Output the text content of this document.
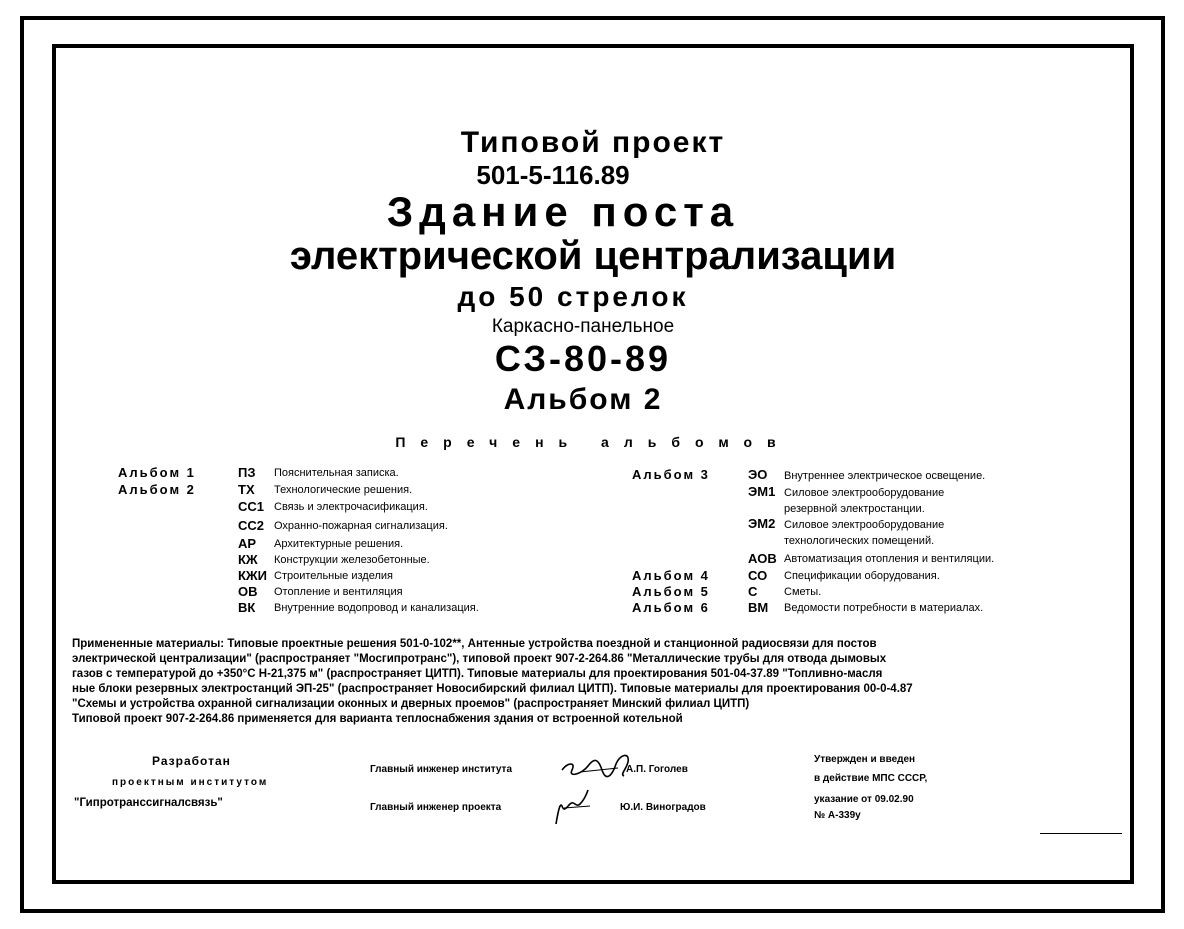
Типовой проект
501-5-116.89
Здание поста
электрической централизации
до 50 стрелок
Каркасно-панельное
СЗ-80-89
Альбом 2
Перечень альбомов
Альбом 1	ПЗ Пояснительная записка.
Альбом 2	ТХ Технологические решения.
СС1 Связь и электрочасификация.
СС2 Охранно-пожарная сигнализация.
АР Архитектурные решения.
КЖ Конструкции железобетонные.
КЖИ Строительные изделия
ОВ Отопление и вентиляция
ВК Внутренние водопровод и канализация.
Альбом 3	ЭО Внутреннее электрическое освещение.
ЭМ1 Силовое электрооборудование
резервной электростанции.
ЭМ2 Силовое электрооборудование
технологических помещений.
АОВ Автоматизация отопления и вентиляции.
Альбом 4	СО Спецификации оборудования.
Альбом 5	С Сметы.
Альбом 6	ВМ Ведомости потребности в материалах.
Примененные материалы: Типовые проектные решения 501-0-102**, Антенные устройства поездной и станционной радиосвязи для постов
электрической централизации" (распространяет "Мосгипротранс"), типовой проект 907-2-264.86 "Металлические трубы для отвода дымовых
газов с температурой до +350°С Н-21,375 м" (распространяет ЦИТП). Типовые материалы для проектирования 501-04-37.89 "Топливно-масля
ные блоки резервных электростанций ЭП-25" (распространяет Новосибирский филиал ЦИТП). Типовые материалы для проектирования 00-0-4.87
"Схемы и устройства охранной сигнализации оконных и дверных проемов" (распространяет Минский филиал ЦИТП)
Типовой проект 907-2-264.86 применяется для варианта теплоснабжения здания от встроенной котельной
Разработан
проектным институтом
"Гипротранссигналсвязь"
Главный инженер института	А.П. Гоголев
Главный инженер проекта	Ю.И. Виноградов
Утвержден и введен
в действие МПС СССР,
указание от 09.02.90
№ А-339у
